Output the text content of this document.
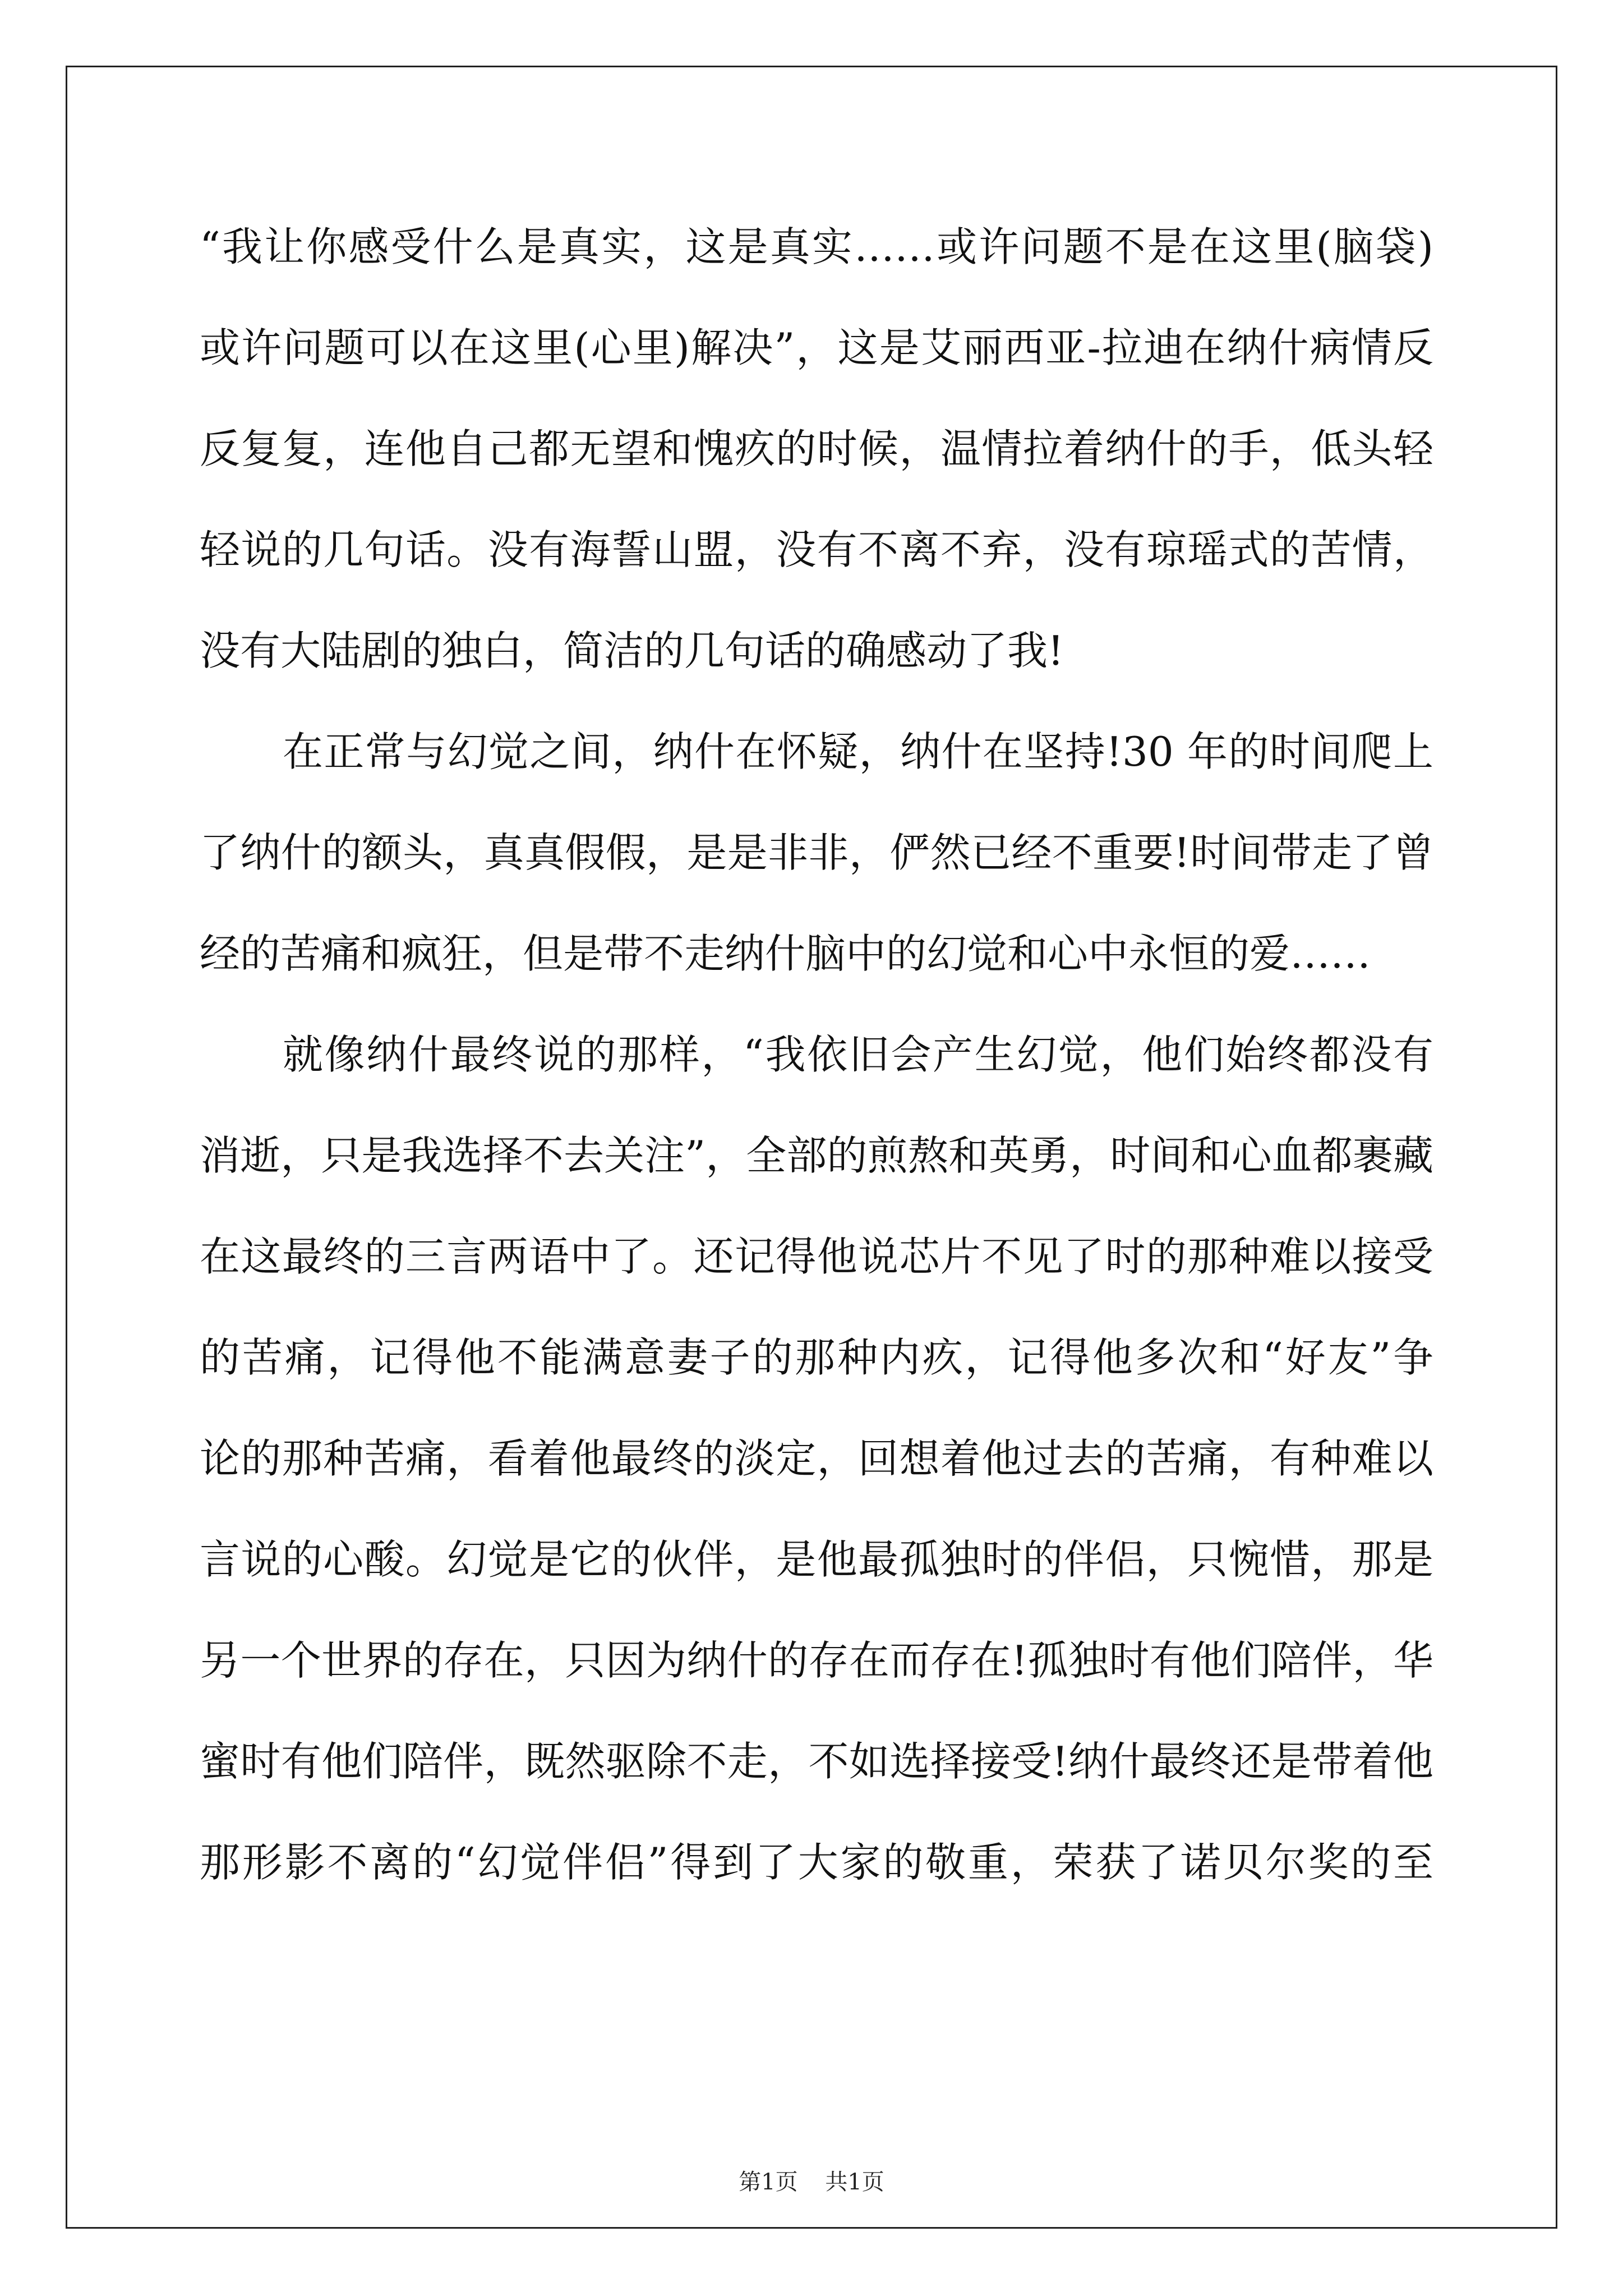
“我让你感受什么是真实，这是真实……或许问题不是在这里(脑袋)
或许问题可以在这里(心里)解决”，这是艾丽西亚-拉迪在纳什病情反
反复复，连他自己都无望和愧疚的时候，温情拉着纳什的手，低头轻
轻说的几句话。没有海誓山盟，没有不离不弃，没有琼瑶式的苦情，
没有大陆剧的独白，简洁的几句话的确感动了我!
在正常与幻觉之间，纳什在怀疑，纳什在坚持!30 年的时间爬上
了纳什的额头，真真假假，是是非非，俨然已经不重要!时间带走了曾
经的苦痛和疯狂，但是带不走纳什脑中的幻觉和心中永恒的爱……
就像纳什最终说的那样，“我依旧会产生幻觉，他们始终都没有
消逝，只是我选择不去关注”，全部的煎熬和英勇，时间和心血都裹藏
在这最终的三言两语中了。还记得他说芯片不见了时的那种难以接受
的苦痛，记得他不能满意妻子的那种内疚，记得他多次和“好友”争
论的那种苦痛，看着他最终的淡定，回想着他过去的苦痛，有种难以
言说的心酸。幻觉是它的伙伴，是他最孤独时的伴侣，只惋惜，那是
另一个世界的存在，只因为纳什的存在而存在!孤独时有他们陪伴，华
蜜时有他们陪伴，既然驱除不走，不如选择接受!纳什最终还是带着他
那形影不离的“幻觉伴侣”得到了大家的敬重，荣获了诺贝尔奖的至
第1页 共1页
